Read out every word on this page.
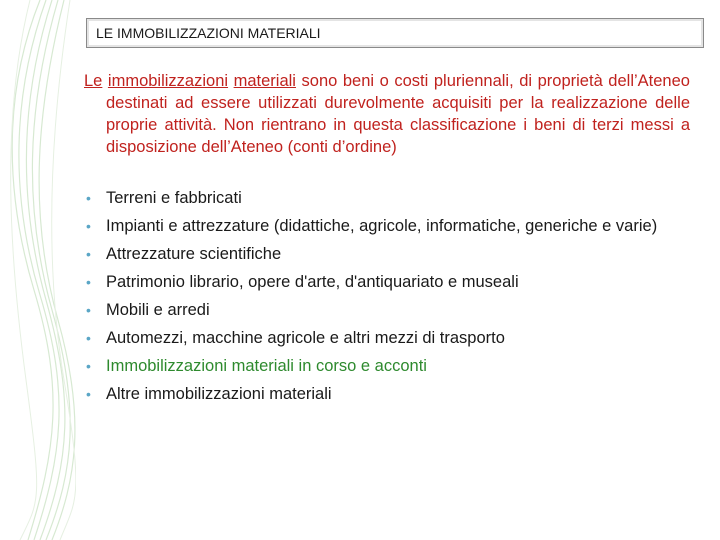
LE IMMOBILIZZAZIONI MATERIALI
Le immobilizzazioni materiali sono beni o costi pluriennali, di proprietà dell’Ateneo destinati ad essere utilizzati durevolmente acquisiti per la realizzazione delle proprie attività. Non rientrano in questa classificazione i beni di terzi messi a disposizione dell’Ateneo (conti d’ordine)
• Terreni e fabbricati
• Impianti e attrezzature (didattiche, agricole, informatiche, generiche e varie)
• Attrezzature scientifiche
• Patrimonio librario, opere d'arte, d'antiquariato e museali
• Mobili e arredi
• Automezzi, macchine agricole e altri mezzi di trasporto
• Immobilizzazioni materiali in corso e acconti
• Altre immobilizzazioni materiali
